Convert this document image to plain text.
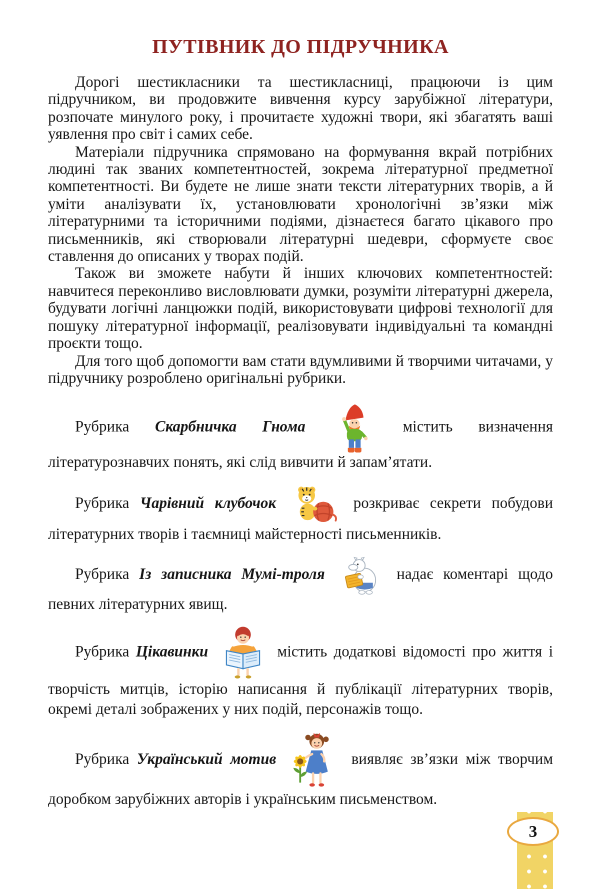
ПУТІВНИК ДО ПІДРУЧНИКА

Дорогі шестикласники та шестикласниці, працюючи із цим підручником, ви продовжите вивчення курсу зарубіжної літератури, розпочате минулого року, і прочитаєте художні твори, які збагатять ваші уявлення про світ і самих себе.

Матеріали підручника спрямовано на формування вкрай потрібних людині так званих компетентностей, зокрема літературної предметної компетентності. Ви будете не лише знати тексти літературних творів, а й уміти аналізувати їх, установлювати хронологічні зв’язки між літературними та історичними подіями, дізнаєтеся багато цікавого про письменників, які створювали літературні шедеври, сформуєте своє ставлення до описаних у творах подій.

Також ви зможете набути й інших ключових компетентностей: навчитеся переконливо висловлювати думки, розуміти літературні джерела, будувати логічні ланцюжки подій, використовувати цифрові технології для пошуку літературної інформації, реалізовувати індивідуальні та командні проєкти тощо.

Для того щоб допомогти вам стати вдумливими й творчими читачами, у підручнику розроблено оригінальні рубрики.

Рубрика Скарбничка Гнома	містить визначення літературознавчих понять, які слід вивчити й запам’ятати.

Рубрика Чарівний клубочок	розкриває секрети побудови літературних творів і таємниці майстерності письменників.

Рубрика Із записника Мумі-троля	надає коментарі щодо певних літературних явищ.

Рубрика Цікавинки	містить додаткові відомості про життя і творчість митців, історію написання й публікації літературних творів, окремі деталі зображених у них подій, персонажів тощо.

Рубрика Український мотив	виявляє зв’язки між творчим доробком зарубіжних авторів і українським письменством.

3
